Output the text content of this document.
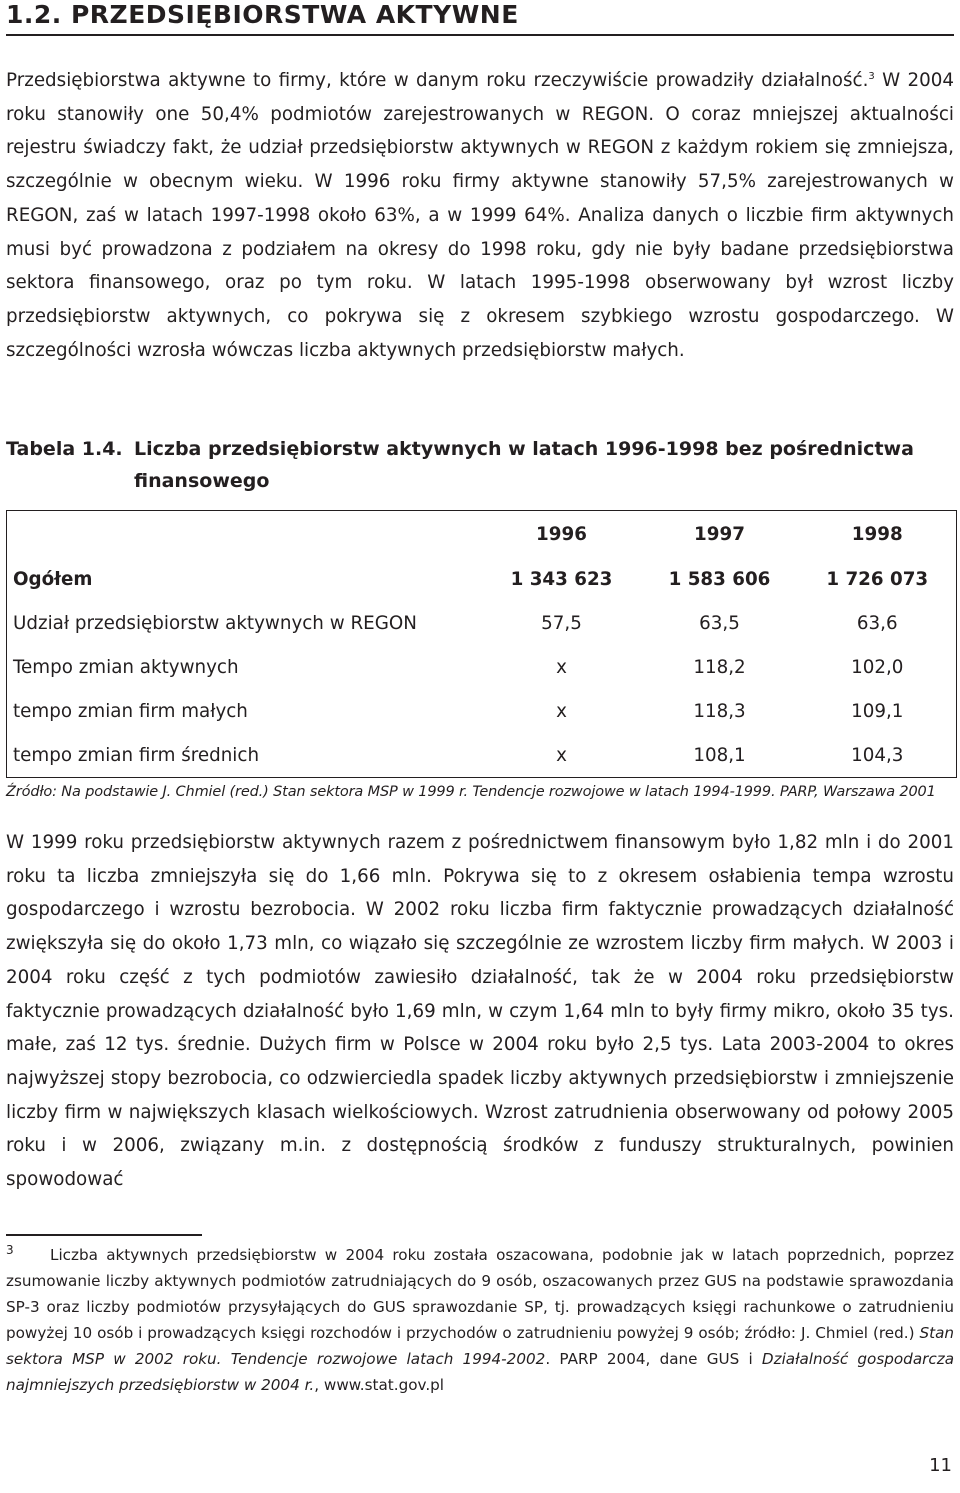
1.2. PRZEDSIĘBIORSTWA AKTYWNE

Przedsiębiorstwa aktywne to firmy, które w danym roku rzeczywiście prowadziły działalność.$^3$ W 2004 roku stanowiły one 50,4% podmiotów zarejestrowanych w REGON. O coraz mniejszej aktualności rejestru świadczy fakt, że udział przedsiębiorstw aktywnych w REGON z każdym rokiem się zmniejsza, szczególnie w obecnym wieku. W 1996 roku firmy aktywne stanowiły 57,5% zarejestrowanych w REGON, zaś w latach 1997-1998 około 63%, a w 1999 64%. Analiza danych o liczbie firm aktywnych musi być prowadzona z podziałem na okresy do 1998 roku, gdy nie były badane przedsiębiorstwa sektora finansowego, oraz po tym roku. W latach 1995-1998 obserwowany był wzrost liczby przedsiębiorstw aktywnych, co pokrywa się z okresem szybkiego wzrostu gospodarczego. W szczególności wzrosła wówczas liczba aktywnych przedsiębiorstw małych.

Tabela 1.4. Liczba przedsiębiorstw aktywnych w latach 1996-1998 bez pośrednictwa finansowego
	1996	1997	1998
Ogółem	1 343 623	1 583 606	1 726 073
Udział przedsiębiorstw aktywnych w REGON	57,5	63,5	63,6
Tempo zmian aktywnych	x	118,2	102,0
tempo zmian firm małych	x	118,3	109,1
tempo zmian firm średnich	x	108,1	104,3
Źródło: Na podstawie J. Chmiel (red.) Stan sektora MSP w 1999 r. Tendencje rozwojowe w latach 1994-1999. PARP, Warszawa 2001

W 1999 roku przedsiębiorstw aktywnych razem z pośrednictwem finansowym było 1,82 mln i do 2001 roku ta liczba zmniejszyła się do 1,66 mln. Pokrywa się to z okresem osłabienia tempa wzrostu gospodarczego i wzrostu bezrobocia. W 2002 roku liczba firm faktycznie prowadzących działalność zwiększyła się do około 1,73 mln, co wiązało się szczególnie ze wzrostem liczby firm małych. W 2003 i 2004 roku część z tych podmiotów zawiesiło działalność, tak że w 2004 roku przedsiębiorstw faktycznie prowadzących działalność było 1,69 mln, w czym 1,64 mln to były firmy mikro, około 35 tys. małe, zaś 12 tys. średnie. Dużych firm w Polsce w 2004 roku było 2,5 tys. Lata 2003-2004 to okres najwyższej stopy bezrobocia, co odzwierciedla spadek liczby aktywnych przedsiębiorstw i zmniejszenie liczby firm w największych klasach wielkościowych. Wzrost zatrudnienia obserwowany od połowy 2005 roku i w 2006, związany m.in. z dostępnością środków z funduszy strukturalnych, powinien spowodować

3 Liczba aktywnych przedsiębiorstw w 2004 roku została oszacowana, podobnie jak w latach poprzednich, poprzez zsumowanie liczby aktywnych podmiotów zatrudniających do 9 osób, oszacowanych przez GUS na podstawie sprawozdania SP-3 oraz liczby podmiotów przysyłających do GUS sprawozdanie SP, tj. prowadzących księgi rachunkowe o zatrudnieniu powyżej 10 osób i prowadzących księgi rozchodów i przychodów o zatrudnieniu powyżej 9 osób; źródło: J. Chmiel (red.) Stan sektora MSP w 2002 roku. Tendencje rozwojowe latach 1994-2002. PARP 2004, dane GUS i Działalność gospodarcza najmniejszych przedsiębiorstw w 2004 r., www.stat.gov.pl

11
